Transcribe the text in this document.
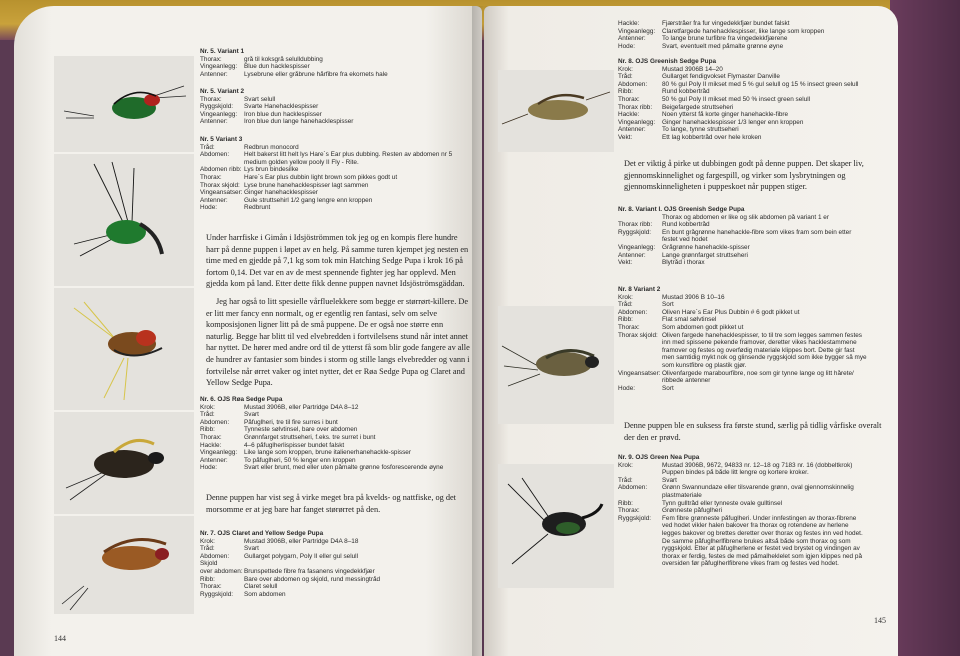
Nr. 5. Variant 1
Thorax:	grå til koksgrå selulldubbing
Vingeanlegg:	Blue dun hacklespisser
Antenner:	Lysebrune eller gråbrune hårfibre fra ekornets hale
Nr. 5. Variant 2
Thorax:	Svart selull
Ryggskjold:	Svarte Hanehacklespisser
Vingeanlegg:	Iron blue dun hacklespisser
Antenner:	Iron blue dun lange hanehacklespisser
Nr. 5 Variant 3
Tråd:	Redbrun monocord
Abdomen:	Helt bakerst litt helt lys Hare´s Ear plus dubbing. Resten av abdomen nr 5
medium golden yellow pooly II Fly - Rite.
Abdomen ribb: Lys brun bindesilke
Thorax:	Hare´s Ear plus dubbin light brown som pikkes godt ut
Thorax skjold: Lyse brune hanehacklespisser lagt sammen
Vingeansatser: Ginger hanehacklespisser
Antenner:	Gule struttsehirl 1/2 gang lengre enn kroppen
Hode:	Redbrunt
Under harrfiske i Gimån i Idsjöströmmen tok jeg og en kompis flere hundre harr på denne puppen i løpet av en helg. På samme turen kjempet jeg nesten en time med en gjedde på 7,1 kg som tok min Hatching Sedge Pupa i krok 16 på fortom 0,14. Det var en av de mest spennende fighter jeg har opplevd. Men gjedda kom på land. Etter dette fikk denne puppen navnet Idsjöströmsgäddan.
Jeg har også to litt spesielle vårfluelekkere som begge er størrørt-killere. De er litt mer fancy enn normalt, og er egentlig ren fantasi, selv om selve komposisjonen ligner litt på de små puppene. De er også noe større enn naturlig. Begge har blitt til ved elvebredden i fortvilelsens stund når intet annet har nyttet. De hører med andre ord til de ytterst få som blir gode fangere av alle de hundrer av fantasier som bindes i storm og stille langs elvebredder og vann i fortvilelse når ørret vaker og intet nytter, det er Røa Sedge Pupa og Claret and Yellow Sedge Pupa.
Nr. 6. OJS Røa Sedge Pupa
Krok:	Mustad 3906B, eller Partridge D4A 8–12
Tråd:	Svart
Abdomen:	Påfuglheri, tre til fire surres i bunt
Ribb:	Tynneste sølvtinsel, bare over abdomen
Thorax:	Grønnfarget struttseheri, f.eks. tre surret i bunt
Hackle:	4–6 påfuglherlispisser bundet falskt
Vingeanlegg:	Like lange som kroppen, brune italienerhanehackle-spisser
Antenner:	To påfuglheri, 50 % lenger enn kroppen
Hode:	Svart eller brunt, med eller uten påmalte grønne fosforescerende øyne
Denne puppen har vist seg å virke meget bra på kvelds- og nattfiske, og det morsomme er at jeg bare har fanget størørret på den.
Nr. 7. OJS Claret and Yellow Sedge Pupa
Krok:	Mustad 3906B, eller Partridge D4A 8–18
Tråd:	Svart
Abdomen:	Gullarget polygarn, Poly II eller gul selull
Skjold
over abdomen: Brunspettede fibre fra fasanens vingedekkfjær
Ribb:	Bare over abdomen og skjold, rund messingtråd
Thorax:	Claret selull
Ryggskjold:	Som abdomen
144
Hackle:	Fjærstråer fra fur vingedekkfjær bundet falskt
Vingeanlegg:	Claretfargede hanehacklespisser, like lange som kroppen
Antenner:	To lange brune turfibre fra vingedekkfjærene
Hode:	Svart, eventuelt med påmalte grønne øyne
Nr. 8. OJS Greenish Sedge Pupa
Krok:	Mustad 3906B 14–20
Tråd:	Gullarget fendigvokset Flymaster Danville
Abdomen:	80 % gul Poly II mikset med 5 % gul selull og 15 % insect green selull
Ribb:	Rund kobbertråd
Thorax:	50 % gul Poly II mikset med 50 % insect green selull
Thorax ribb:	Beigefargede struttseheri
Hackle:	Noen ytterst få korte ginger hanehackle-fibre
Vingeanlegg:	Ginger hanehacklespisser 1/3 lenger enn kroppen
Antenner:	To lange, tynne struttseheri
Vekt:	Ett lag kobbertråd over hele kroken
Det er viktig å pirke ut dubbingen godt på denne puppen. Det skaper liv, gjennomskinnelighet og fargespill, og virker som lysbrytningen og gjennomskinneligheten i puppeskoet når puppen stiger.
Nr. 8. Variant I. OJS Greenish Sedge Pupa
Thorax og abdomen er like og slik abdomen på variant 1 er
Thorax ribb:	Rund kobbertråd
Ryggskjold:	En bunt grågrønne hanehackle-fibre som vikes fram som bein etter
festet ved hodet
Vingeanlegg:	Grågrønne hanehackle-spisser
Antenner:	Lange grønnfarget struttseheri
Vekt:	Blytråd i thorax
Nr. 8 Variant 2
Krok:	Mustad 3906 B 10–16
Tråd:	Sort
Abdomen:	Oliven Hare´s Ear Plus Dubbin # 6 godt pikket ut
Ribb:	Flat smal sølvtinsel
Thorax:	Som abdomen godt pikket ut
Thorax skjold: Oliven fargede hanehacklespisser, to til tre som legges sammen festes
inn med spissene pekende framover, deretter vikes hacklestammene
framover og festes og overfødig materiale klippes bort. Dette gir fast
men samtidig mykt nok og glinsende ryggskjold som ikke bygger så mye
som kunstfibre og plastik gjør.
Vingeansatser: Olivenfargede marabourfibre, noe som gir tynne lange og litt hårete/
ribbede antenner
Hode:	Sort
Denne puppen ble en suksess fra første stund, særlig på tidlig vårfiske overalt der den er prøvd.
Nr. 9. OJS Green Nea Pupa
Krok:	Mustad 3906B, 9672, 94833 nr. 12–18 og 7183 nr. 16 (dobbeltkrok)
Puppen bindes på både litt lengre og kortere kroker.
Tråd:	Svart
Abdomen:	Grønn Swannundaze eller tilsvarende grønn, oval gjennomskinnelig
plastmateriale
Ribb:	Tynn gulltråd eller tynneste ovale gulltinsel
Thorax:	Grønneste påfuglheri
Ryggskjold:	Fem fibre grønneste påfuglheri. Under innfestingen av thorax-fibrene
ved hodet vikler halen bakover fra thorax og rotendene av herlene
legges bakover og brettes deretter over thorax og festes inn ved hodet.
De samme påfuglherlfibrene brukes altså både som thorax og som
ryggskjold. Etter at påfuglherlene er festet ved brystet og vindingen av
thorax er ferdig, festes de med påmalheklelet som igjen klippes ned på
oversiden før påfuglherlfibrene vikes fram og festes ved hodet.
145
